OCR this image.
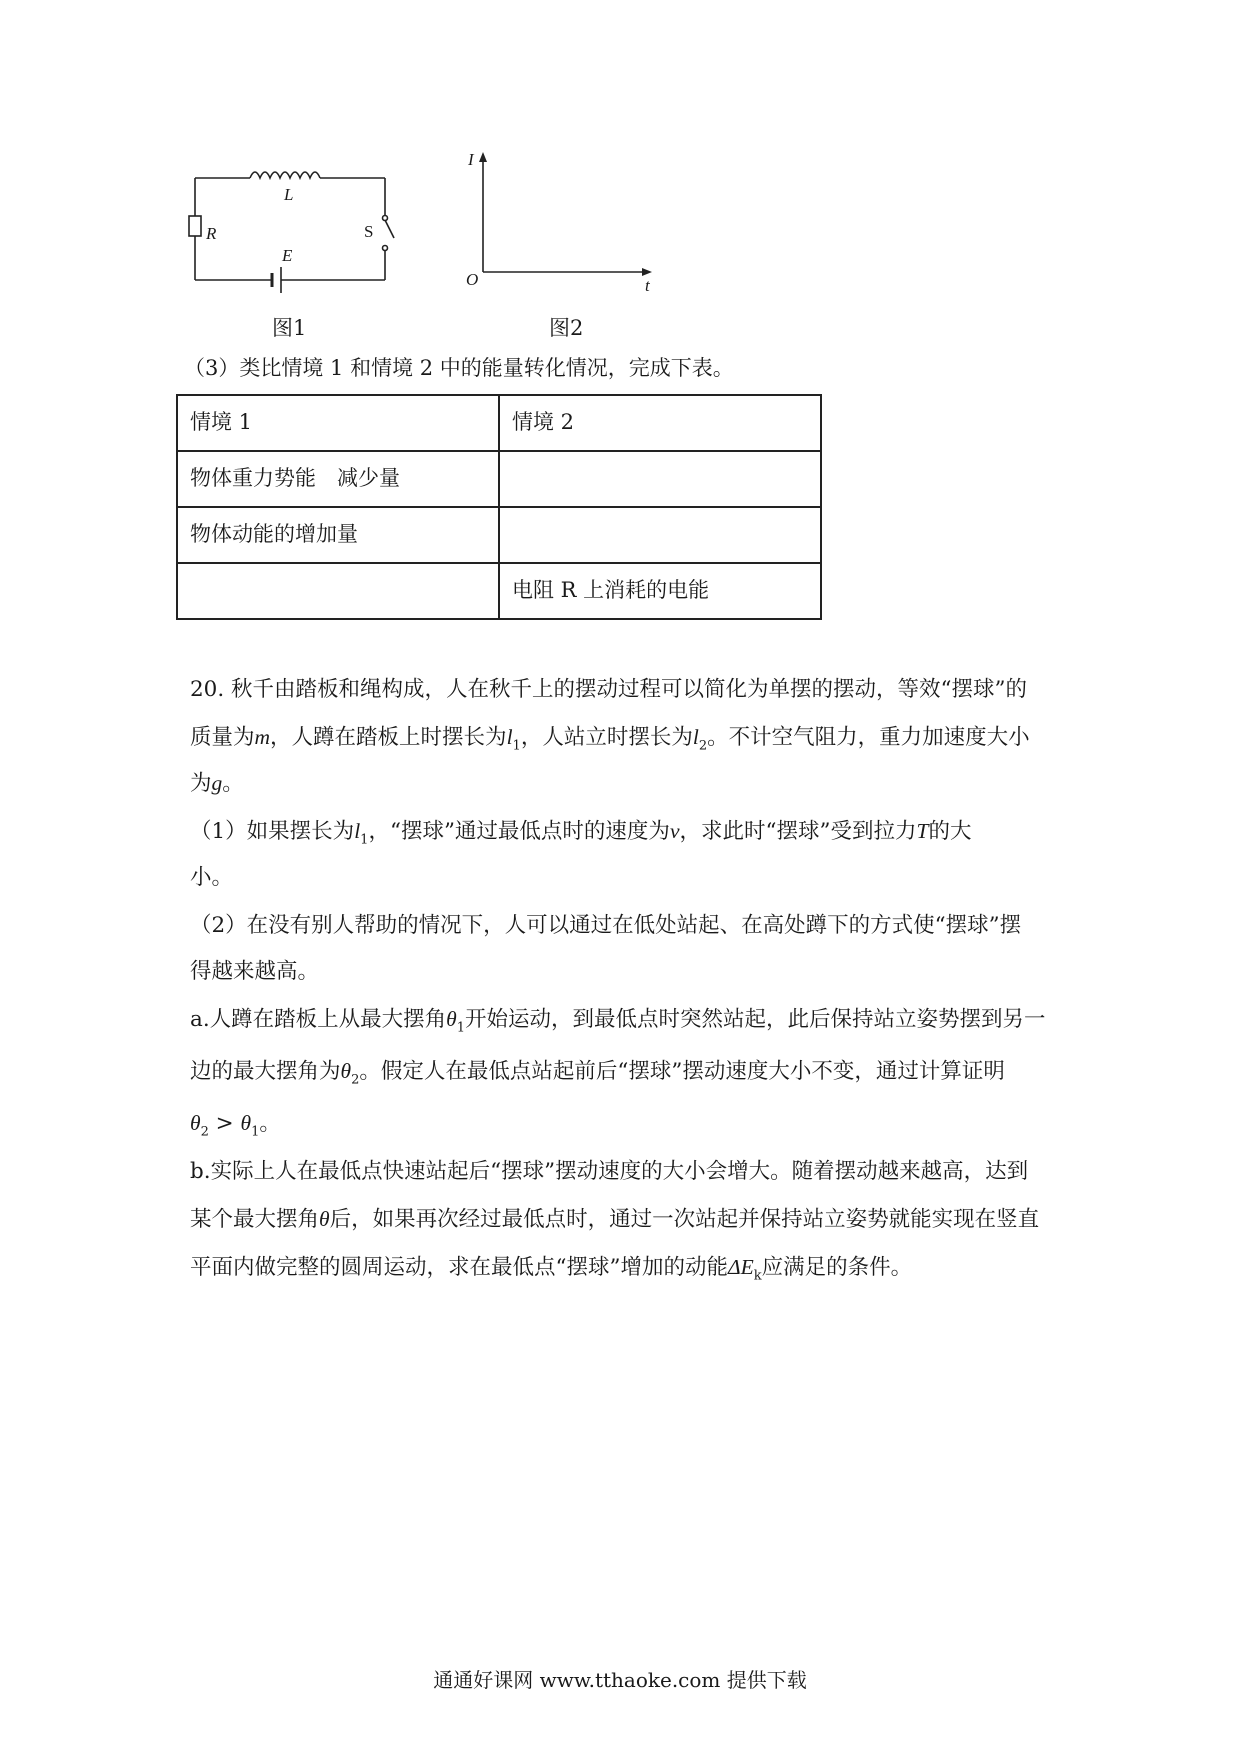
L
R	S
E
图1
I
O	t
图2
（3）类比情境 1 和情境 2 中的能量转化情况，完成下表。
情境 1	情境 2
物体重力势能　减少量	
物体动能的增加量	
	电阻 R 上消耗的电能
20. 秋千由踏板和绳构成，人在秋千上的摆动过程可以简化为单摆的摆动，等效“摆球”的
质量为m，人蹲在踏板上时摆长为$l_1$，人站立时摆长为$l_2$。不计空气阻力，重力加速度大小
为g。
（1）如果摆长为$l_1$，“摆球”通过最低点时的速度为v，求此时“摆球”受到拉力T的大
小。
（2）在没有别人帮助的情况下，人可以通过在低处站起、在高处蹲下的方式使“摆球”摆
得越来越高。
a.人蹲在踏板上从最大摆角$\theta_1$开始运动，到最低点时突然站起，此后保持站立姿势摆到另一
边的最大摆角为$\theta_2$。假定人在最低点站起前后“摆球”摆动速度大小不变，通过计算证明
$\theta_2 > \theta_1$。
b.实际上人在最低点快速站起后“摆球”摆动速度的大小会增大。随着摆动越来越高，达到
某个最大摆角θ后，如果再次经过最低点时，通过一次站起并保持站立姿势就能实现在竖直
平面内做完整的圆周运动，求在最低点“摆球”增加的动能$\Delta E_k$应满足的条件。
通通好课网 www.tthaoke.com 提供下载
